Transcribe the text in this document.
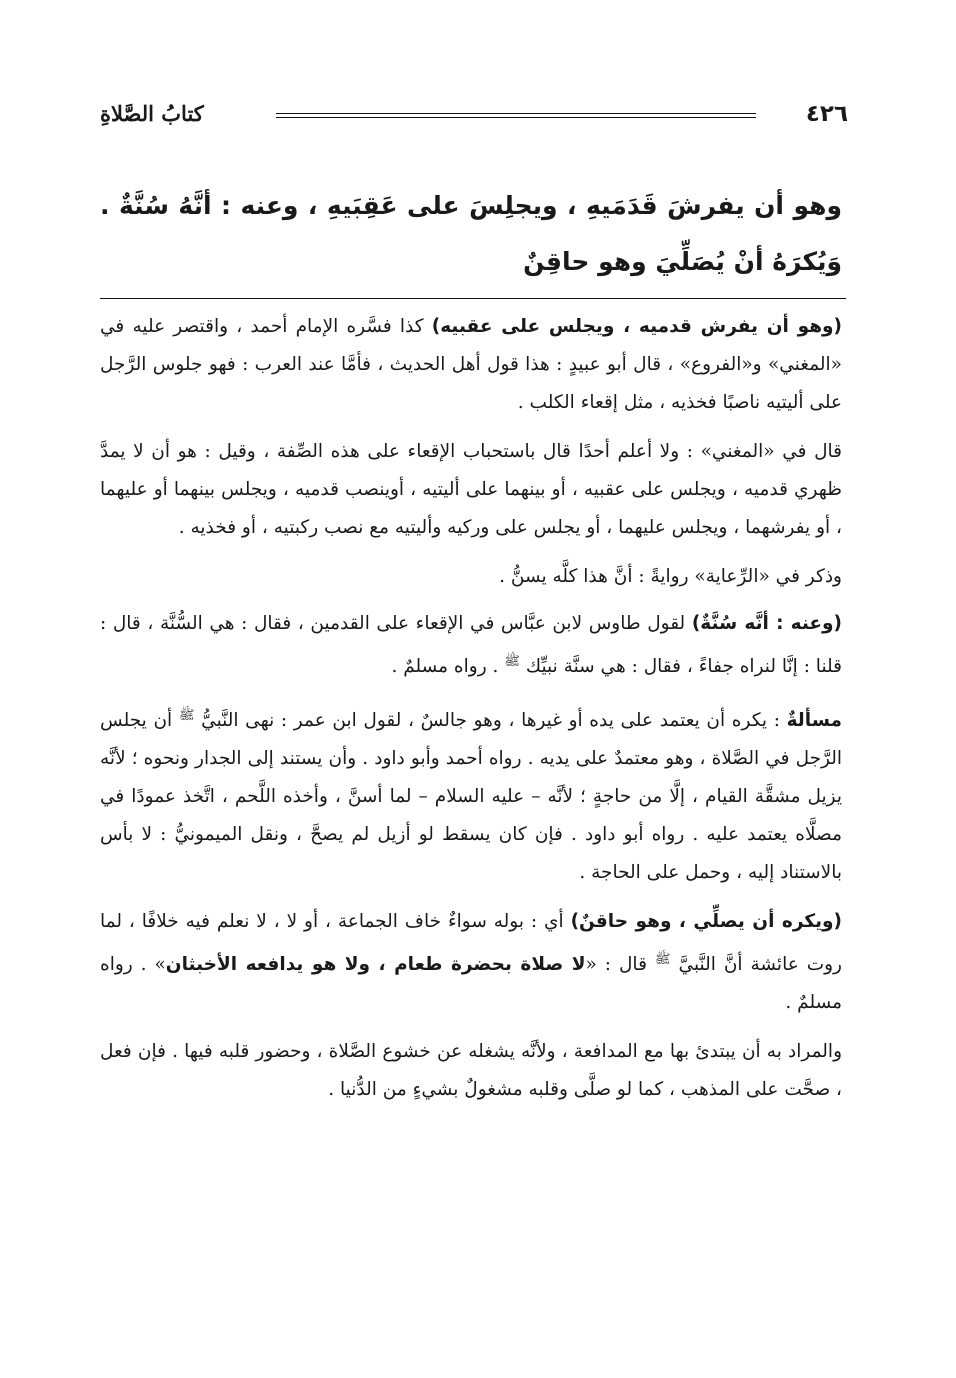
٤٢٦
كتابُ الصَّلاةِ
وهو أن يفرشَ قَدَمَيهِ ، ويجلِسَ على عَقِبَيهِ ، وعنه : أنَّهُ سُنَّةٌ . وَيُكرَهُ أنْ يُصَلِّيَ وهو حاقِنٌ

(وهو أن يفرش قدميه ، ويجلس على عقبيه) كذا فسَّره الإمام أحمد ، واقتصر عليه في «المغني» و«الفروع» ، قال أبو عبيدٍ : هذا قول أهل الحديث ، فأمَّا عند العرب : فهو جلوس الرَّجل على أليتيه ناصبًا فخذيه ، مثل إقعاء الكلب .

قال في «المغني» : ولا أعلم أحدًا قال باستحباب الإقعاء على هذه الصِّفة ، وقيل : هو أن لا يمدَّ ظهري قدميه ، ويجلس على عقبيه ، أو بينهما على أليتيه ، أوينصب قدميه ، ويجلس بينهما أو عليهما ، أو يفرشهما ، ويجلس عليهما ، أو يجلس على وركيه وأليتيه مع نصب ركبتيه ، أو فخذيه .

وذكر في «الرِّعاية» روايةً : أنَّ هذا كلَّه يسنُّ .

(وعنه : أنَّه سُنَّةٌ) لقول طاوس لابن عبَّاس في الإقعاء على القدمين ، فقال : هي السُّنَّة ، قال : قلنا : إنَّا لنراه جفاءً ، فقال : هي سنَّة نبيِّك $^ﷺ$ . رواه مسلمٌ .

مسألةٌ : يكره أن يعتمد على يده أو غيرها ، وهو جالسٌ ، لقول ابن عمر : نهى النَّبيُّ $^ﷺ$ أن يجلس الرَّجل في الصَّلاة ، وهو معتمدٌ على يديه . رواه أحمد وأبو داود . وأن يستند إلى الجدار ونحوه ؛ لأنَّه يزيل مشقَّة القيام ، إلَّا من حاجةٍ ؛ لأنَّه – عليه السلام – لما أسنَّ ، وأخذه اللَّحم ، اتَّخذ عمودًا في مصلَّاه يعتمد عليه . رواه أبو داود . فإن كان يسقط لو أزيل لم يصحَّ ، ونقل الميمونيُّ : لا بأس بالاستناد إليه ، وحمل على الحاجة .

(ويكره أن يصلِّي ، وهو حاقنٌ) أي : بوله سواءٌ خاف الجماعة ، أو لا ، لا نعلم فيه خلافًا ، لما روت عائشة أنَّ النَّبيَّ $^ﷺ$ قال : «لا صلاة بحضرة طعام ، ولا هو يدافعه الأخبثان» . رواه مسلمٌ .

والمراد به أن يبتدئ بها مع المدافعة ، ولأنَّه يشغله عن خشوع الصَّلاة ، وحضور قلبه فيها . فإن فعل ، صحَّت على المذهب ، كما لو صلَّى وقلبه مشغولٌ بشيءٍ من الدُّنيا .
